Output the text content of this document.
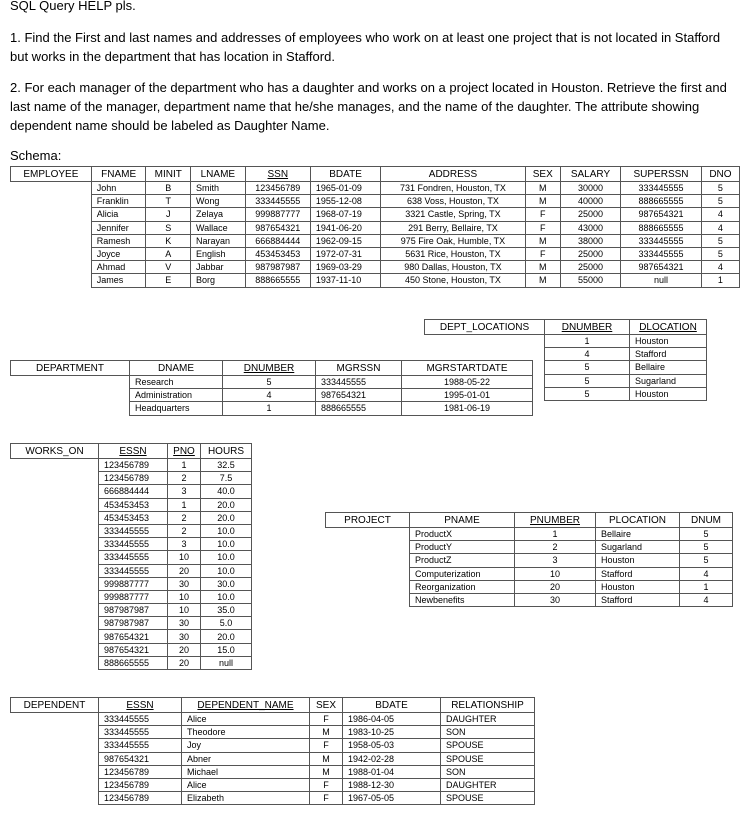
SQL Query HELP pls.
1. Find the First and last names and addresses of employees who work on at least one project that is not located in Stafford but works in the department that has location in Stafford.
2. For each manager of the department who has a daughter and works on a project located in Houston. Retrieve the first and last name of the manager, department name that he/she manages, and the name of the daughter. The attribute showing dependent name should be labeled as Daughter Name.
Schema:
EMPLOYEE	FNAME	MINIT	LNAME	SSN	BDATE	ADDRESS	SEX	SALARY	SUPERSSN	DNO
	John	B	Smith	123456789	1965-01-09	731 Fondren, Houston, TX	M	30000	333445555	5
	Franklin	T	Wong	333445555	1955-12-08	638 Voss, Houston, TX	M	40000	888665555	5
	Alicia	J	Zelaya	999887777	1968-07-19	3321 Castle, Spring, TX	F	25000	987654321	4
	Jennifer	S	Wallace	987654321	1941-06-20	291 Berry, Bellaire, TX	F	43000	888665555	4
	Ramesh	K	Narayan	666884444	1962-09-15	975 Fire Oak, Humble, TX	M	38000	333445555	5
	Joyce	A	English	453453453	1972-07-31	5631 Rice, Houston, TX	F	25000	333445555	5
	Ahmad	V	Jabbar	987987987	1969-03-29	980 Dallas, Houston, TX	M	25000	987654321	4
	James	E	Borg	888665555	1937-11-10	450 Stone, Houston, TX	M	55000	null	1
DEPT_LOCATIONS	DNUMBER	DLOCATION
	1	Houston
	4	Stafford
	5	Bellaire
	5	Sugarland
	5	Houston
DEPARTMENT	DNAME	DNUMBER	MGRSSN	MGRSTARTDATE
	Research	5	333445555	1988-05-22
	Administration	4	987654321	1995-01-01
	Headquarters	1	888665555	1981-06-19
WORKS_ON	ESSN	PNO	HOURS
	123456789	1	32.5
	123456789	2	7.5
	666884444	3	40.0
	453453453	1	20.0
	453453453	2	20.0
	333445555	2	10.0
	333445555	3	10.0
	333445555	10	10.0
	333445555	20	10.0
	999887777	30	30.0
	999887777	10	10.0
	987987987	10	35.0
	987987987	30	5.0
	987654321	30	20.0
	987654321	20	15.0
	888665555	20	null
PROJECT	PNAME	PNUMBER	PLOCATION	DNUM
	ProductX	1	Bellaire	5
	ProductY	2	Sugarland	5
	ProductZ	3	Houston	5
	Computerization	10	Stafford	4
	Reorganization	20	Houston	1
	Newbenefits	30	Stafford	4
DEPENDENT	ESSN	DEPENDENT_NAME	SEX	BDATE	RELATIONSHIP
	333445555	Alice	F	1986-04-05	DAUGHTER
	333445555	Theodore	M	1983-10-25	SON
	333445555	Joy	F	1958-05-03	SPOUSE
	987654321	Abner	M	1942-02-28	SPOUSE
	123456789	Michael	M	1988-01-04	SON
	123456789	Alice	F	1988-12-30	DAUGHTER
	123456789	Elizabeth	F	1967-05-05	SPOUSE
